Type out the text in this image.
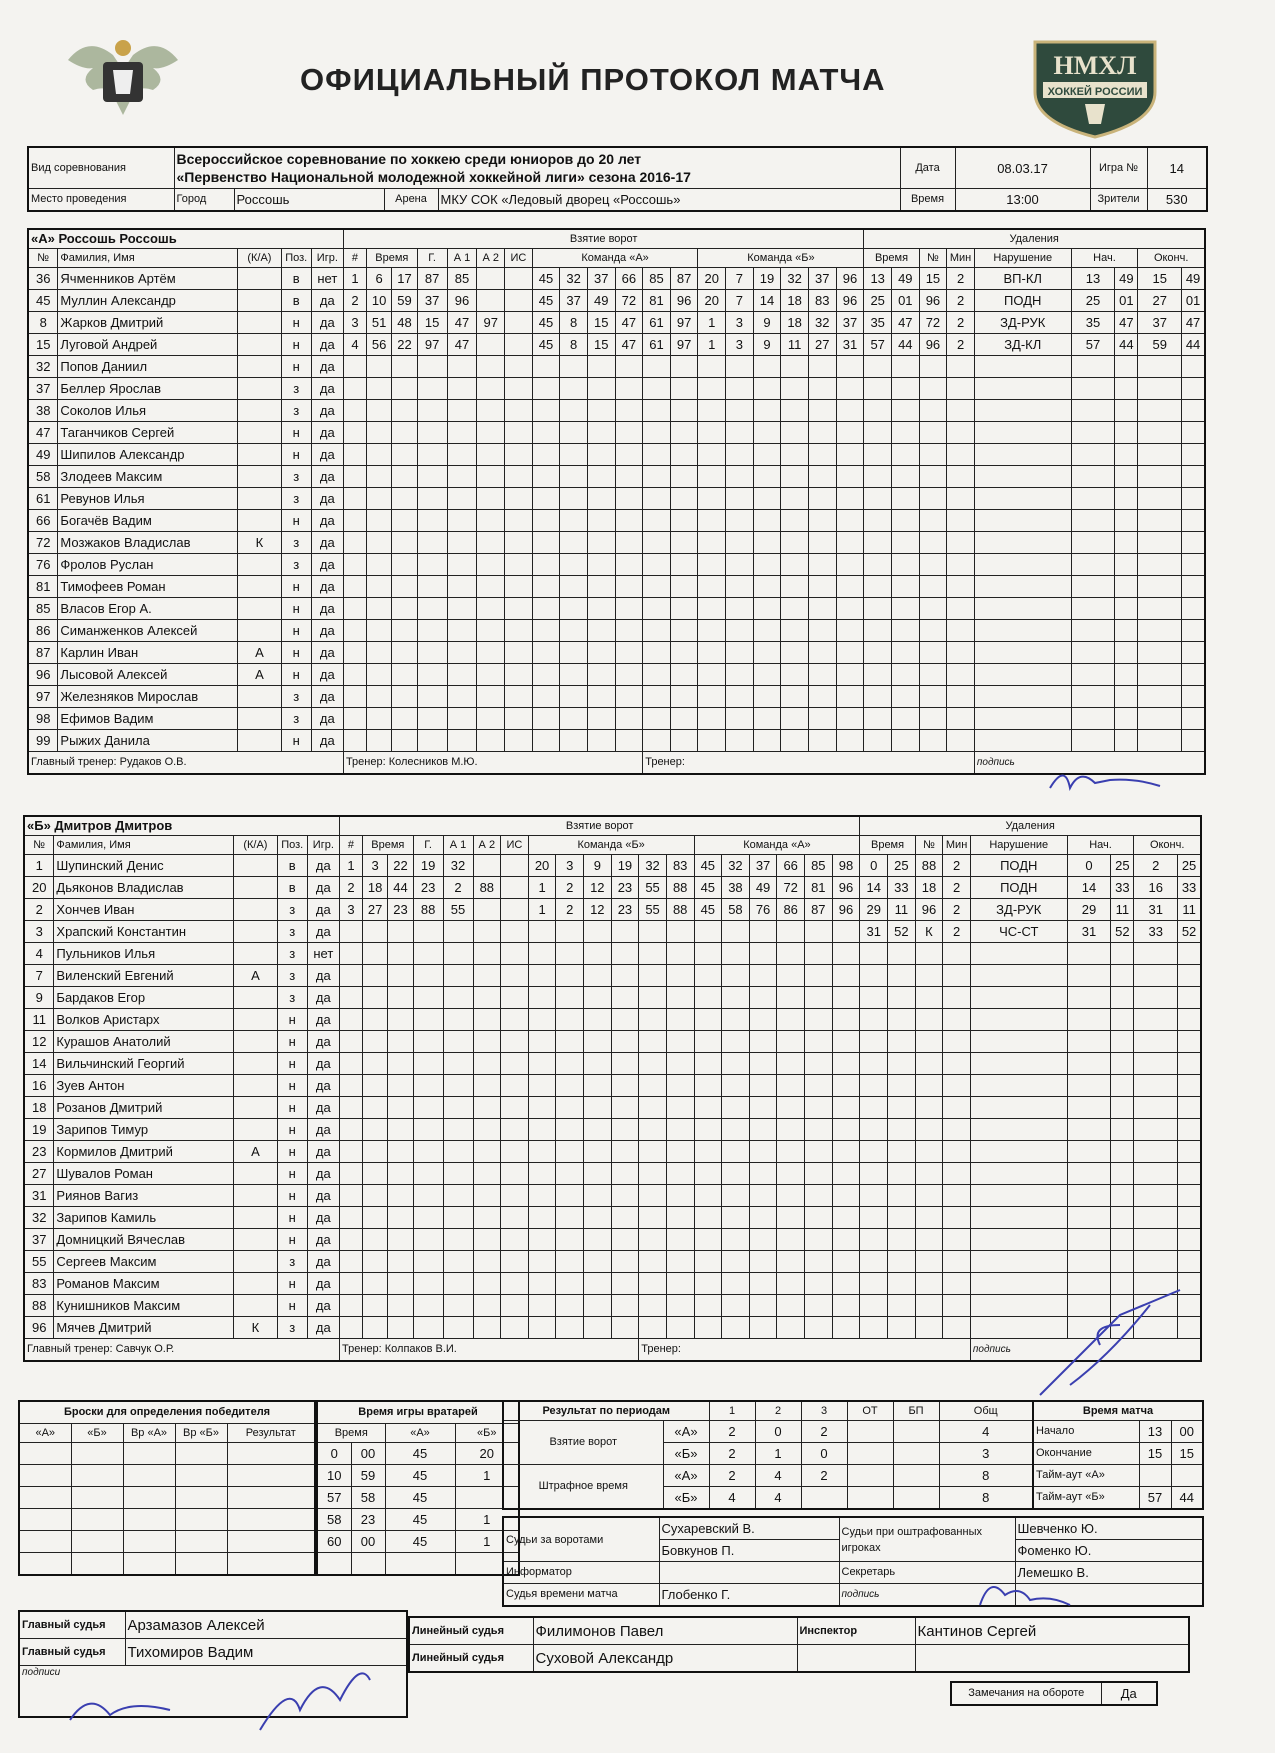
ОФИЦИАЛЬНЫЙ ПРОТОКОЛ МАТЧА	НМХЛ
ХОККЕЙ РОССИИ
Вид соревнования	Всероссийское соревнование по хоккею среди юниоров до 20 лет
«Первенство Национальной молодежной хоккейной лиги» сезона 2016-17				Дата	08.03.17	Игра №	14
Место проведения	Город	Россошь	Арена	МКУ СОК «Ледовый дворец «Россошь»	Время	13:00	Зрители	530
«А» Россошь Россошь					Взятие ворот																			Удаления								
№	Фамилия, Имя	(К/А)	Поз.	Игр.	#	Время		Г.	А 1	А 2	ИС	Команда «А»						Команда «Б»						Время		№	Мин	Нарушение	Нач.		Оконч.	
36	Ячменников Артём		в	нет	1	6	17	87	85			45	32	37	66	85	87	20	7	19	32	37	96	13	49	15	2	ВП-КЛ	13	49	15	49
45	Муллин Александр		в	да	2	10	59	37	96			45	37	49	72	81	96	20	7	14	18	83	96	25	01	96	2	ПОДН	25	01	27	01
8	Жарков Дмитрий		н	да	3	51	48	15	47	97		45	8	15	47	61	97	1	3	9	18	32	37	35	47	72	2	ЗД-РУК	35	47	37	47
15	Луговой Андрей		н	да	4	56	22	97	47			45	8	15	47	61	97	1	3	9	11	27	31	57	44	96	2	ЗД-КЛ	57	44	59	44
32	Попов Даниил		н	да																												
37	Беллер Ярослав		з	да																												
38	Соколов Илья		з	да																												
47	Таганчиков Сергей		н	да																												
49	Шипилов Александр		н	да																												
58	Злодеев Максим		з	да																												
61	Ревунов Илья		з	да																												
66	Богачёв Вадим		н	да																												
72	Мозжаков Владислав	К	з	да																												
76	Фролов Руслан		з	да																												
81	Тимофеев Роман		н	да																												
85	Власов Егор А.		н	да																												
86	Симанженков Алексей		н	да																												
87	Карлин Иван	А	н	да																												
96	Лысовой Алексей	А	н	да																												
97	Железняков Мирослав		з	да																												
98	Ефимов Вадим		з	да																												
99	Рыжих Данила		н	да																												
Главный тренер: Рудаков О.В.					Тренер: Колесников М.Ю.											Тренер:												подпись				
«Б» Дмитров Дмитров					Взятие ворот																			Удаления								
№	Фамилия, Имя	(К/А)	Поз.	Игр.	#	Время		Г.	А 1	А 2	ИС	Команда «Б»						Команда «А»						Время		№	Мин	Нарушение	Нач.		Оконч.	
1	Шупинский Денис		в	да	1	3	22	19	32			20	3	9	19	32	83	45	32	37	66	85	98	0	25	88	2	ПОДН	0	25	2	25
20	Дьяконов Владислав		в	да	2	18	44	23	2	88		1	2	12	23	55	88	45	38	49	72	81	96	14	33	18	2	ПОДН	14	33	16	33
2	Хончев Иван		з	да	3	27	23	88	55			1	2	12	23	55	88	45	58	76	86	87	96	29	11	96	2	ЗД-РУК	29	11	31	11
3	Храпский Константин		з	да																				31	52	К	2	ЧС-СТ	31	52	33	52
4	Пульников Илья		з	нет																												
7	Виленский Евгений	А	з	да																												
9	Бардаков Егор		з	да																												
11	Волков Аристарх		н	да																												
12	Курашов Анатолий		н	да																												
14	Вильчинский Георгий		н	да																												
16	Зуев Антон		н	да																												
18	Розанов Дмитрий		н	да																												
19	Зарипов Тимур		н	да																												
23	Кормилов Дмитрий	А	н	да																												
27	Шувалов Роман		н	да																												
31	Риянов Вагиз		н	да																												
32	Зарипов Камиль		н	да																												
37	Домницкий Вячеслав		н	да																												
55	Сергеев Максим		з	да																												
83	Романов Максим		н	да																												
88	Кунишников Максим		н	да																												
96	Мячев Дмитрий	К	з	да																												
Главный тренер: Савчук О.Р.					Тренер: Колпаков В.И.											Тренер:												подпись				
Броски для определения победителя				
«А»	«Б»	Вр «А»	Вр «Б»	Результат

Время игры вратарей			
Время		«А»	«Б»
0	00	45	20
10	59	45	1
57	58	45	
58	23	45	1
60	00	45	1

Результат по периодам		1	2	3	ОТ	БП	Общ
Взятие ворот	«А»	2	0	2			4
	«Б»	2	1	0			3
Штрафное время	«А»	2	4	2			8
	«Б»	4	4				8
Время матча		
Начало	13	00
Окончание	15	15
Тайм-аут «А»		
Тайм-аут «Б»	57	44
Судьи за воротами	Сухаревский В.	Судьи при оштрафованных игроках	Шевченко Ю.
	Бовкунов П.		Фоменко Ю.
Информатор		Секретарь	Лемешко В.
Судья времени матча	Глобенко Г.	подпись	
Главный судья	Арзамазов Алексей
Главный судья	Тихомиров Вадим
подписи	
Линейный судья	Филимонов Павел	Инспектор	Кантинов Сергей
Линейный судья	Суховой Александр		
Замечания на обороте	Да
